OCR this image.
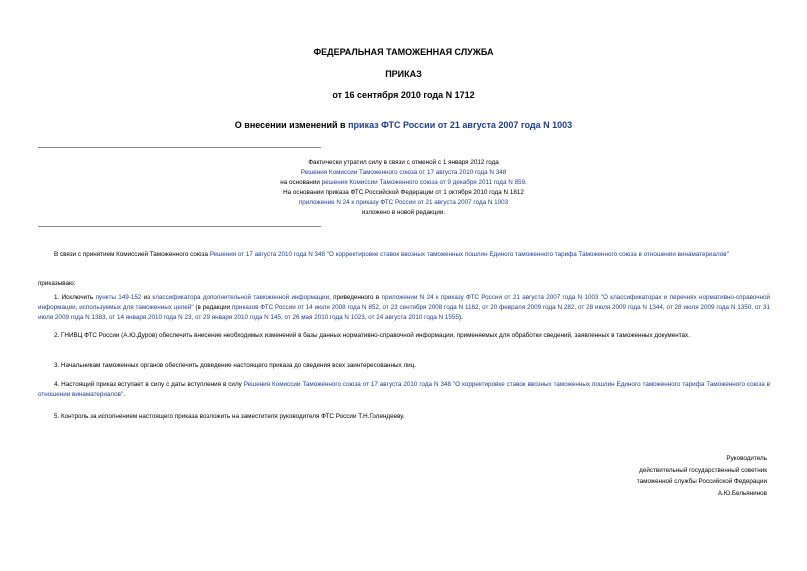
ФЕДЕРАЛЬНАЯ ТАМОЖЕННАЯ СЛУЖБА
ПРИКАЗ
от 16 сентября 2010 года N 1712
О внесении изменений в приказ ФТС России от 21 августа 2007 года N 1003
Фактически утратил силу в связи с отменой с 1 января 2012 года
Решения Комиссии Таможенного союза от 17 августа 2010 года N 348
на основании решения Комиссии Таможенного союза от 9 декабря 2011 года N 859.
На основании приказа ФТС Российской Федерации от 1 октября 2010 года N 1812
приложение N 24 к приказу ФТС России от 21 августа 2007 года N 1003
изложено в новой редакции.
В связи с принятием Комиссией Таможенного союза Решения от 17 августа 2010 года N 348 "О корректировке ставок ввозных таможенных пошлин Единого таможенного тарифа Таможенного союза в отношении винаматериалов"
приказываю:
1. Исключить пункты 149-152 из классификатора дополнительной таможенной информации, приведенного в приложении N 24 к приказу ФТС России от 21 августа 2007 года N 1003 "О классификаторах и перечнях нормативно-справочной информации, используемых для таможенных целей" (в редакции приказов ФТС России от 14 июля 2008 года N 852, от 23 сентября 2008 года N 1162, от 20 февраля 2009 года N 282, от 28 июля 2009 года N 1344, от 28 июля 2009 года N 1350, от 31 июля 2009 года N 1383, от 14 января 2010 года N 23, от 29 января 2010 года N 145, от 26 мая 2010 года N 1023, от 24 августа 2010 года N 1555).
2. ГНИВЦ ФТС России (А.Ю.Дуров) обеспечить внесение необходимых изменений в базы данных нормативно-справочной информации, применяемых для обработки сведений, заявленных в таможенных документах.
3. Начальникам таможенных органов обеспечить доведение настоящего приказа до сведения всех заинтересованных лиц.
4. Настоящий приказ вступает в силу с даты вступления в силу Решения Комиссии Таможенного союза от 17 августа 2010 года N 348 "О корректировке ставок ввозных таможенных пошлин Единого таможенного тарифа Таможенного союза в отношении винаматериалов".
5. Контроль за исполнением настоящего приказа возложить на заместителя руководителя ФТС России Т.Н.Голендееву.
Руководитель
действительный государственный советник
таможенной службы Российской Федерации
А.Ю.Бельянинов
